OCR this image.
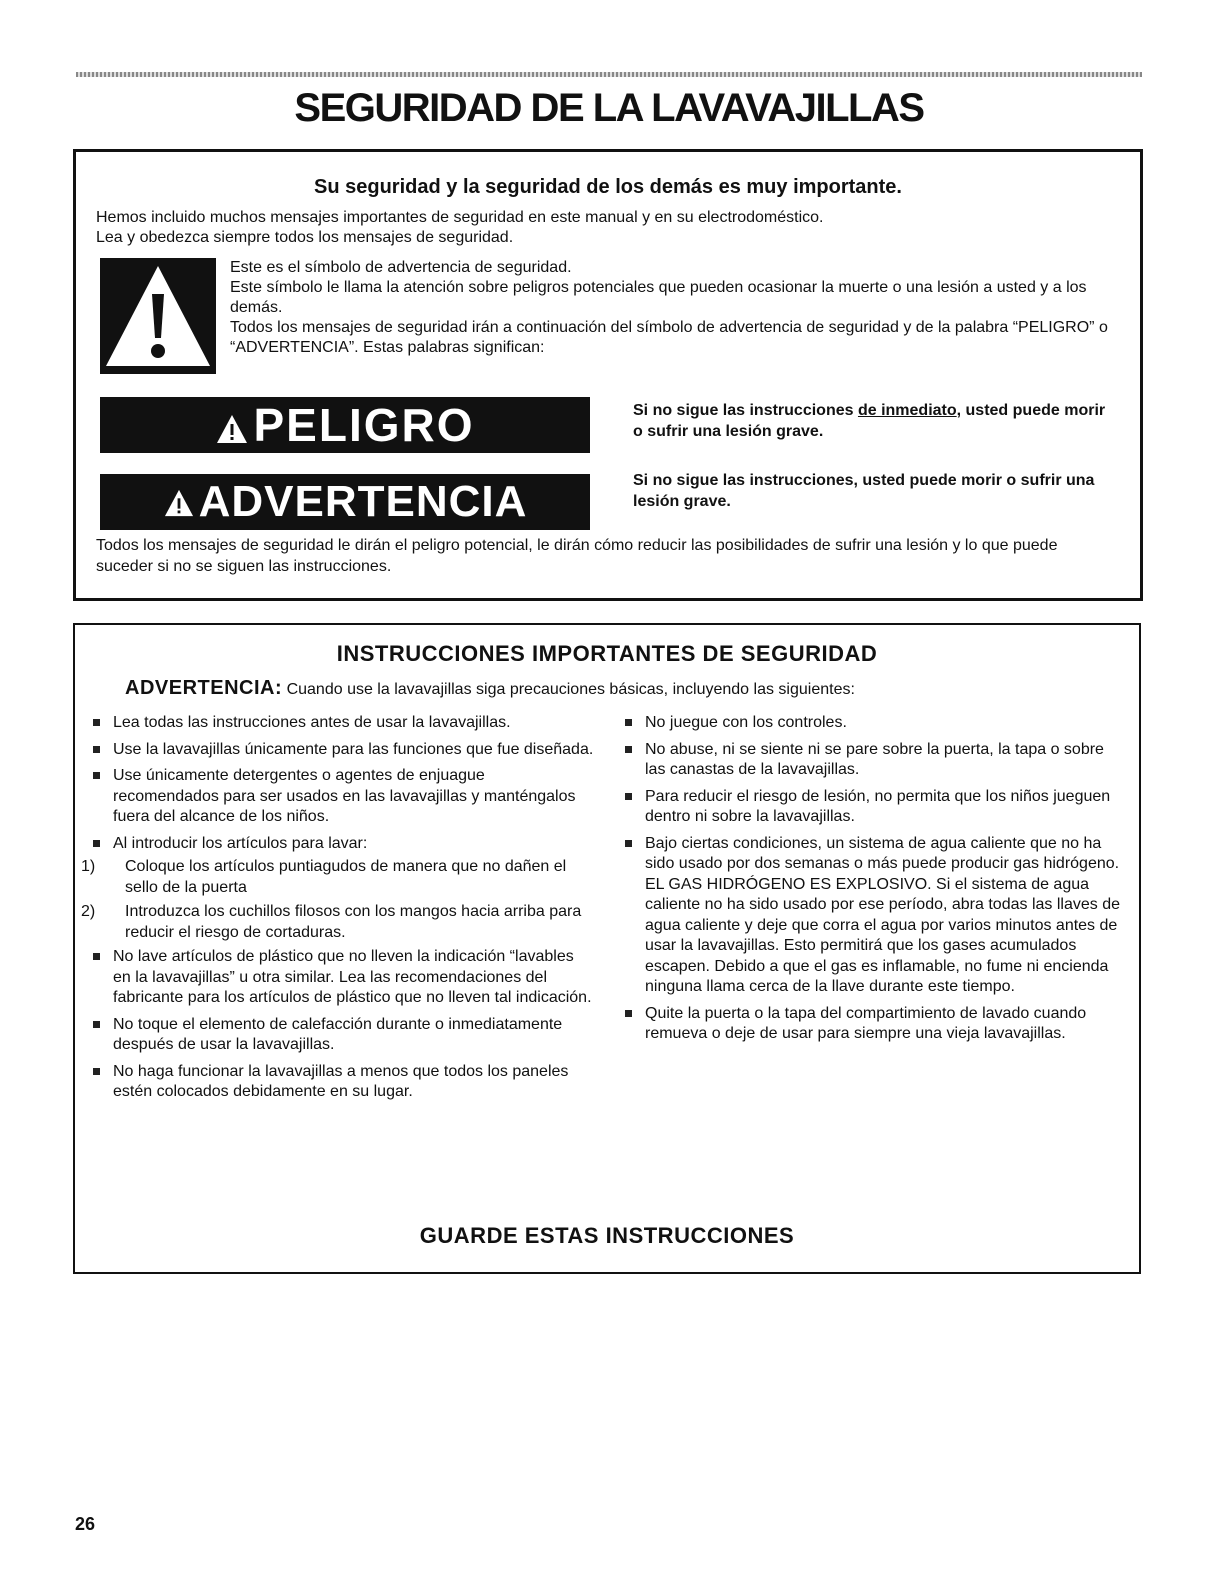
SEGURIDAD DE LA LAVAVAJILLAS

Su seguridad y la seguridad de los demás es muy importante.

Hemos incluido muchos mensajes importantes de seguridad en este manual y en su electrodoméstico.
Lea y obedezca siempre todos los mensajes de seguridad.
Este es el símbolo de advertencia de seguridad.
Este símbolo le llama la atención sobre peligros potenciales que pueden ocasionar la muerte o una lesión a usted y a los demás.
Todos los mensajes de seguridad irán a continuación del símbolo de advertencia de seguridad y de la palabra “PELIGRO” o “ADVERTENCIA”. Estas palabras significan:
PELIGRO	Si no sigue las instrucciones de inmediato, usted puede morir o sufrir una lesión grave.

ADVERTENCIA	Si no sigue las instrucciones, usted puede morir o sufrir una lesión grave.

Todos los mensajes de seguridad le dirán el peligro potencial, le dirán cómo reducir las posibilidades de sufrir una lesión y lo que puede suceder si no se siguen las instrucciones.

INSTRUCCIONES IMPORTANTES DE SEGURIDAD

ADVERTENCIA: Cuando use la lavavajillas siga precauciones básicas, incluyendo las siguientes:

Lea todas las instrucciones antes de usar la lavavajillas.
Use la lavavajillas únicamente para las funciones que fue diseñada.
Use únicamente detergentes o agentes de enjuague recomendados para ser usados en las lavavajillas y manténgalos fuera del alcance de los niños.
Al introducir los artículos para lavar:
1) Coloque los artículos puntiagudos de manera que no dañen el sello de la puerta
2) Introduzca los cuchillos filosos con los mangos hacia arriba para reducir el riesgo de cortaduras.
No lave artículos de plástico que no lleven la indicación “lavables en la lavavajillas” u otra similar. Lea las recomendaciones del fabricante para los artículos de plástico que no lleven tal indicación.
No toque el elemento de calefacción durante o inmediatamente después de usar la lavavajillas.
No haga funcionar la lavavajillas a menos que todos los paneles estén colocados debidamente en su lugar.
No juegue con los controles.
No abuse, ni se siente ni se pare sobre la puerta, la tapa o sobre las canastas de la lavavajillas.
Para reducir el riesgo de lesión, no permita que los niños jueguen dentro ni sobre la lavavajillas.
Bajo ciertas condiciones, un sistema de agua caliente que no ha sido usado por dos semanas o más puede producir gas hidrógeno. EL GAS HIDRÓGENO ES EXPLOSIVO. Si el sistema de agua caliente no ha sido usado por ese período, abra todas las llaves de agua caliente y deje que corra el agua por varios minutos antes de usar la lavavajillas. Esto permitirá que los gases acumulados escapen. Debido a que el gas es inflamable, no fume ni encienda ninguna llama cerca de la llave durante este tiempo.
Quite la puerta o la tapa del compartimiento de lavado cuando remueva o deje de usar para siempre una vieja lavavajillas.

GUARDE ESTAS INSTRUCCIONES

26
